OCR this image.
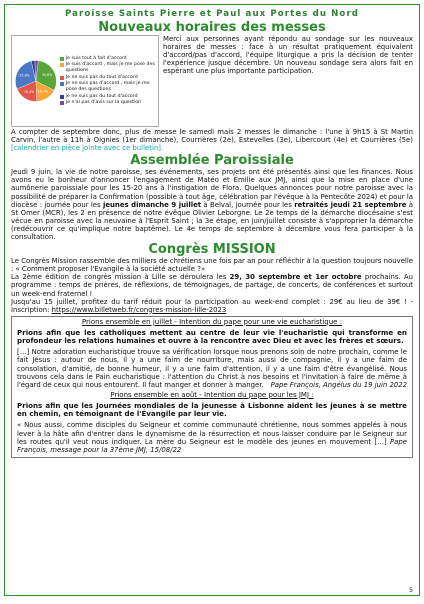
Paroisse Saints Pierre et Paul aux Portes du Nord
Nouveaux horaires des messes
30,6%
16,7%
19,4%
27,8%
Je suis tout à fait d'accord
Je suis d'accord , mais je me pose des questions
Je ne suis pas du tout d'accord
Je ne suis pas d'accord , mais je me pose des questions
je ne suis pas du tout d'accord
Je n'ai pas d'avis sur la question

Merci aux personnes ayant répondu au sondage sur les nouveaux horaires de messes : face à un résultat pratiquement équivalent d'accord/pas d'accord, l'équipe liturgique a pris la décision de tenter l'expérience jusque décembre. Un nouveau sondage sera alors fait en espérant une plus importante participation.

A compter de septembre donc, plus de messe le samedi mais 2 messes le dimanche : l'une à 9h15 à St Martin Carvin, l'autre à 11h à Oignies (1er dimanche), Courrières (2e), Estevelles (3e), Libercourt (4e) et Courrières (5e) [calendrier en pièce jointe avec ce bulletin].

Assemblée Paroissiale

Jeudi 9 juin, la vie de notre paroisse, ses événements, ses projets ont été présentés ainsi que les finances. Nous avons eu le bonheur d'annoncer l'engagement de Matéo et Émilie aux JMJ, ainsi que la mise en place d'une aumônerie paroissiale pour les 15-20 ans à l'instigation de Flora. Quelques annonces pour notre paroisse avec la possibilité de préparer la Confirmation (possible à tout âge, célébration par l'évêque à la Pentecôte 2024) et pour la diocèse : journée pour les jeunes dimanche 9 juillet à Belval, journée pour les retraités jeudi 21 septembre à St Omer (MCR), les 2 en présence de notre évêque Olivier Leborgne. Le 2e temps de la démarche diocésaine s'est vécue en paroisse avec la neuvaine à l'Esprit Saint ; la 3e étape, en juin/juillet consiste à s'approprier la démarche (redécouvrir ce qu'implique notre baptême). Le 4e temps de septembre à décembre vous fera participer à la consultation.

Congrès MISSION

Le Congrès Mission rassemble des milliers de chrétiens une fois par an pour réfléchir à la question toujours nouvelle : « Comment proposer l'Evangile à la société actuelle ?»

La 2ème édition de congrès mission à Lille se déroulera les 29, 30 septembre et 1er octobre prochains. Au programme : temps de prières, de réflexions, de témoignages, de partage, de concerts, de conférences et surtout un week-end fraternel !

Jusqu'au 15 juillet, profitez du tarif réduit pour la participation au week-end complet : 29€ au lieu de 39€ ! - Inscription: https://www.billetweb.fr/congres-mission-lille-2023

Prions ensemble en juillet - Intention du pape pour une vie eucharistique :
Prions afin que les catholiques mettent au centre de leur vie l'eucharistie qui transforme en profondeur les relations humaines et ouvre à la rencontre avec Dieu et avec les frères et sœurs.
[…] Notre adoration eucharistique trouve sa vérification lorsque nous prenons soin de notre prochain, comme le fait Jésus : autour de nous, il y a une faim de nourriture, mais aussi de compagnie, il y a une faim de consolation, d'amitié, de bonne humeur, il y a une faim d'attention, il y a une faim d'être évangélisé. Nous trouvons cela dans le Pain eucharistique : l'attention du Christ à nos besoins et l'invitation à faire de même à l'égard de ceux qui nous entourent. Il faut manger et donner à manger. Pape François, Angélus du 19 juin 2022
Prions ensemble en août - Intention du pape pour les JMJ :
Prions afin que les Journées mondiales de la jeunesse à Lisbonne aident les jeunes à se mettre en chemin, en témoignant de l'Évangile par leur vie.
« Nous aussi, comme disciples du Seigneur et comme communauté chrétienne, nous sommes appelés à nous lever à la hâte afin d'entrer dans le dynamisme de la résurrection et nous laisser conduire par le Seigneur sur les routes qu'il veut nous indiquer. La mère du Seigneur est le modèle des jeunes en mouvement […] Pape François, message pour la 37ème JMJ, 15/08/22
5
